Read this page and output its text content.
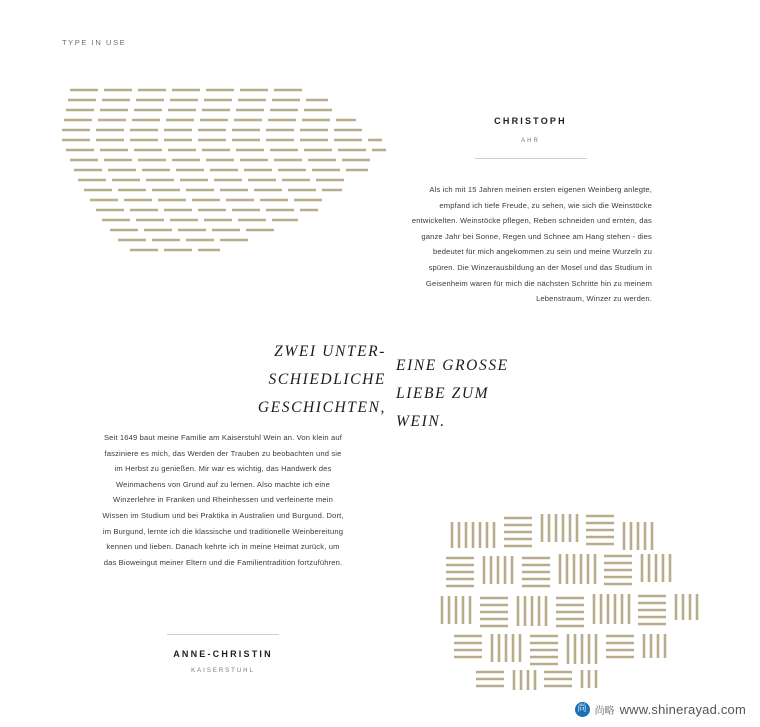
TYPE IN USE
CHRISTOPH
AHR

Als ich mit 15 Jahren meinen ersten eigenen Weinberg anlegte, empfand ich tiefe Freude, zu sehen, wie sich die Weinstöcke entwickelten. Weinstöcke pflegen, Reben schneiden und ernten, das ganze Jahr bei Sonne, Regen und Schnee am Hang stehen - dies bedeutet für mich angekommen zu sein und meine Wurzeln zu spüren. Die Winzerausbildung an der Mosel und das Studium in Geisenheim waren für mich die nächsten Schritte hin zu meinem Lebenstraum, Winzer zu werden.

ZWEI UNTER-
SCHIEDLICHE
GESCHICHTEN,
EINE GROSSE
LIEBE ZUM
WEIN.

Seit 1649 baut meine Familie am Kaiserstuhl Wein an. Von klein auf fasziniere es mich, das Werden der Trauben zu beobachten und sie im Herbst zu genießen. Mir war es wichtig, das Handwerk des Weinmachens von Grund auf zu lernen. Also machte ich eine Winzerlehre in Franken und Rheinhessen und verfeinerte mein Wissen im Studium und bei Praktika in Australien und Burgund. Dort, im Burgund, lernte ich die klassische und traditionelle Weinbereitung kennen und lieben. Danach kehrte ich in meine Heimat zurück, um das Bioweingut meiner Eltern und die Familientradition fortzuführen.

ANNE-CHRISTIN
KAISERSTUHL
尚 尚略 www.shinerayad.com
